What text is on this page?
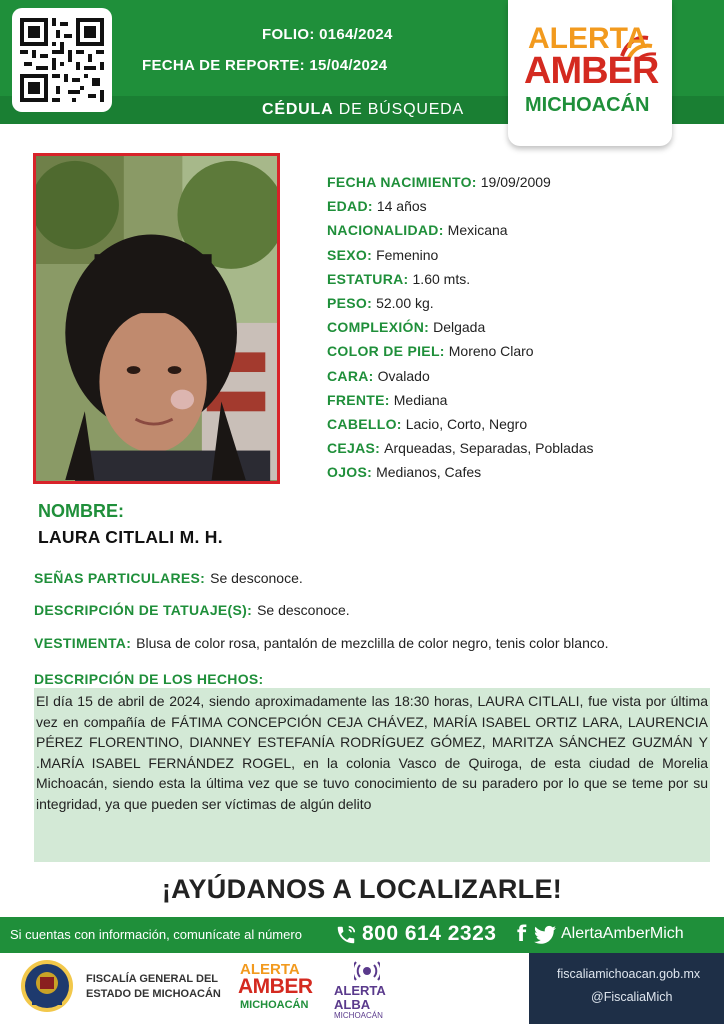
FOLIO: 0164/2024
FECHA DE REPORTE: 15/04/2024
CÉDULA DE BÚSQUEDA
ALERTA
AMBER
MICHOACÁN
FECHA NACIMIENTO: 19/09/2009
EDAD: 14 años
NACIONALIDAD: Mexicana
SEXO: Femenino
ESTATURA: 1.60 mts.
PESO: 52.00 kg.
COMPLEXIÓN: Delgada
COLOR DE PIEL: Moreno Claro
CARA: Ovalado
FRENTE: Mediana
CABELLO: Lacio, Corto, Negro
CEJAS: Arqueadas, Separadas, Pobladas
OJOS: Medianos, Cafes
NOMBRE:
LAURA CITLALI M. H.
SEÑAS PARTICULARES: Se desconoce.
DESCRIPCIÓN DE TATUAJE(S): Se desconoce.
VESTIMENTA: Blusa de color rosa, pantalón de mezclilla de color negro, tenis color blanco.
DESCRIPCIÓN DE LOS HECHOS:
El día 15 de abril de 2024, siendo aproximadamente las 18:30 horas, LAURA CITLALI, fue vista por última vez en compañía de FÁTIMA CONCEPCIÓN CEJA CHÁVEZ, MARÍA ISABEL ORTIZ LARA, LAURENCIA PÉREZ FLORENTINO, DIANNEY ESTEFANÍA RODRÍGUEZ GÓMEZ, MARITZA SÁNCHEZ GUZMÁN Y .MARÍA ISABEL FERNÁNDEZ ROGEL, en la colonia Vasco de Quiroga, de esta ciudad de Morelia Michoacán, siendo esta la última vez que se tuvo conocimiento de su paradero por lo que se teme por su integridad, ya que pueden ser víctimas de algún delito
¡AYÚDANOS A LOCALIZARLE!
Si cuentas con información, comunícate al número	800 614 2323 f AlertaAmberMich
FISCALÍA GENERAL DEL
ESTADO DE MICHOACÁN
ALERTA
AMBER
MICHOACÁN
ALERTA
ALBA
MICHOACÁN
fiscaliamichoacan.gob.mx
@FiscaliaMich
